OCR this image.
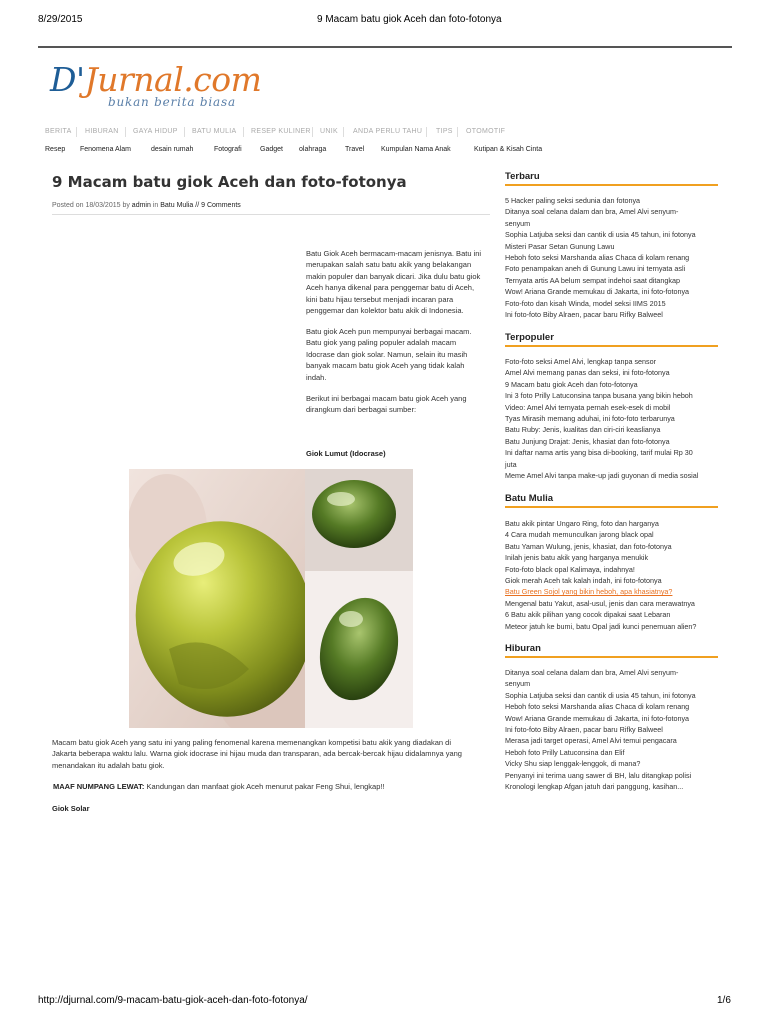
8/29/2015	9 Macam batu giok Aceh dan foto-fotonya
D'Jurnal.com
bukan berita biasa
BERITA HIBURAN GAYA HIDUP BATU MULIA RESEP KULINER UNIK ANDA PERLU TAHU TIPS OTOMOTIF
Resep Fenomena Alam	desain rumah	Fotografi	Gadget olahraga	Travel Kumpulan Nama Anak	Kutipan & Kisah Cinta
9 Macam batu giok Aceh dan foto-fotonya
Posted on 18/03/2015 by admin in Batu Mulia // 9 Comments
Batu Giok Aceh bermacam-macam jenisnya. Batu ini
merupakan salah satu batu akik yang belakangan
makin populer dan banyak dicari. Jika dulu batu giok
Aceh hanya dikenal para penggemar batu di Aceh,
kini batu hijau tersebut menjadi incaran para
penggemar dan kolektor batu akik di Indonesia.
Batu giok Aceh pun mempunyai berbagai macam.
Batu giok yang paling populer adalah macam
Idocrase dan giok solar. Namun, selain itu masih
banyak macam batu giok Aceh yang tidak kalah
indah.
Berikut ini berbagai macam batu giok Aceh yang
dirangkum dari berbagai sumber:
Giok Lumut (Idocrase)
Macam batu giok Aceh yang satu ini yang paling fenomenal karena memenangkan kompetisi batu akik yang diadakan di
Jakarta beberapa waktu lalu. Warna giok idocrase ini hijau muda dan transparan, ada bercak-bercak hijau didalamnya yang
menandakan itu adalah batu giok.
MAAF NUMPANG LEWAT: Kandungan dan manfaat giok Aceh menurut pakar Feng Shui, lengkap!!
Giok Solar
Terbaru
5 Hacker paling seksi sedunia dan fotonya
Ditanya soal celana dalam dan bra, Amel Alvi senyum-
senyum
Sophia Latjuba seksi dan cantik di usia 45 tahun, ini fotonya
Misteri Pasar Setan Gunung Lawu
Heboh foto seksi Marshanda alias Chaca di kolam renang
Foto penampakan aneh di Gunung Lawu ini ternyata asli
Ternyata artis AA belum sempat indehoi saat ditangkap
Wow! Ariana Grande memukau di Jakarta, ini foto-fotonya
Foto-foto dan kisah Winda, model seksi IIMS 2015
Ini foto-foto Biby Alraen, pacar baru Rifky Balweel
Terpopuler
Foto-foto seksi Amel Alvi, lengkap tanpa sensor
Amel Alvi memang panas dan seksi, ini foto-fotonya
9 Macam batu giok Aceh dan foto-fotonya
Ini 3 foto Prilly Latuconsina tanpa busana yang bikin heboh
Video: Amel Alvi ternyata pernah esek-esek di mobil
Tyas Mirasih memang aduhai, ini foto-foto terbarunya
Batu Ruby: Jenis, kualitas dan ciri-ciri keaslianya
Batu Junjung Drajat: Jenis, khasiat dan foto-fotonya
Ini daftar nama artis yang bisa di-booking, tarif mulai Rp 30
juta
Meme Amel Alvi tanpa make-up jadi guyonan di media sosial
Batu Mulia
Batu akik pintar Ungaro Ring, foto dan harganya
4 Cara mudah memunculkan jarong black opal
Batu Yaman Wulung, jenis, khasiat, dan foto-fotonya
Inilah jenis batu akik yang harganya menukik
Foto-foto black opal Kalimaya, indahnya!
Giok merah Aceh tak kalah indah, ini foto-fotonya
Batu Green Sojol yang bikin heboh, apa khasiatnya?
Mengenal batu Yakut, asal-usul, jenis dan cara merawatnya
6 Batu akik pilihan yang cocok dipakai saat Lebaran
Meteor jatuh ke bumi, batu Opal jadi kunci penemuan alien?
Hiburan
Ditanya soal celana dalam dan bra, Amel Alvi senyum-
senyum
Sophia Latjuba seksi dan cantik di usia 45 tahun, ini fotonya
Heboh foto seksi Marshanda alias Chaca di kolam renang
Wow! Ariana Grande memukau di Jakarta, ini foto-fotonya
Ini foto-foto Biby Alraen, pacar baru Rifky Balweel
Merasa jadi target operasi, Amel Alvi temui pengacara
Heboh foto Prilly Latuconsina dan Elif
Vicky Shu siap lenggak-lenggok, di mana?
Penyanyi ini terima uang sawer di BH, lalu ditangkap polisi
Kronologi lengkap Afgan jatuh dari panggung, kasihan...
http://djurnal.com/9-macam-batu-giok-aceh-dan-foto-fotonya/	1/6
